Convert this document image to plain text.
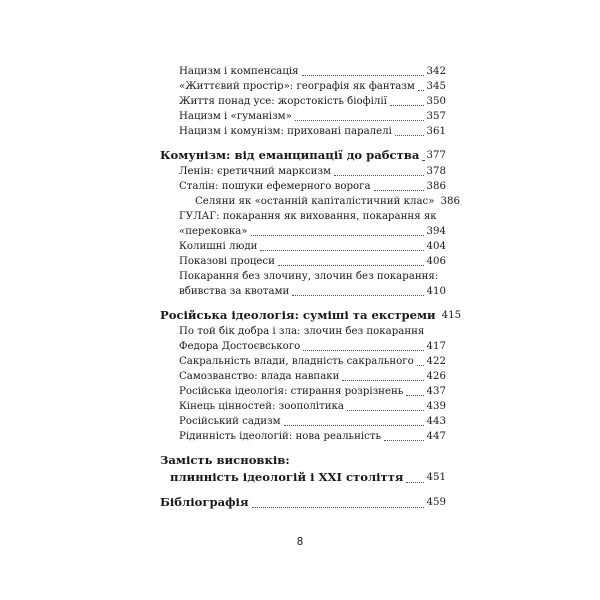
Нацизм і компенсація	342
«Життєвий простір»: географія як фантазм 345
Життя понад усе: жорстокість біофілії	350
Нацизм і «гуманізм»	357
Нацизм і комунізм: приховані паралелі	361
Комунізм: від еманципації до рабства 377
Ленін: єретичний марксизм	378
Сталін: пошуки ефемерного ворога	386
Селяни як «останній капіталістичний клас» 386
ГУЛАГ: покарання як виховання, покарання як
«перековка»	394
Колишні люди	404
Показові процеси	406
Покарання без злочину, злочин без покарання:
вбивства за квотами	410
Російська ідеологія: суміші та екстреми 415
По той бік добра і зла: злочин без покарання
Федора Достоєвського	417
Сакральність влади, владність сакрального 422
Самозванство: влада навпаки	426
Російська ідеологія: стирання розрізнень 437
Кінець цінностей: зоополітика	439
Російський садизм	443
Рідинність ідеологій: нова реальність	447
Замість висновків:
плинність ідеологій і XXI століття 451
Бібліографія	459
8
